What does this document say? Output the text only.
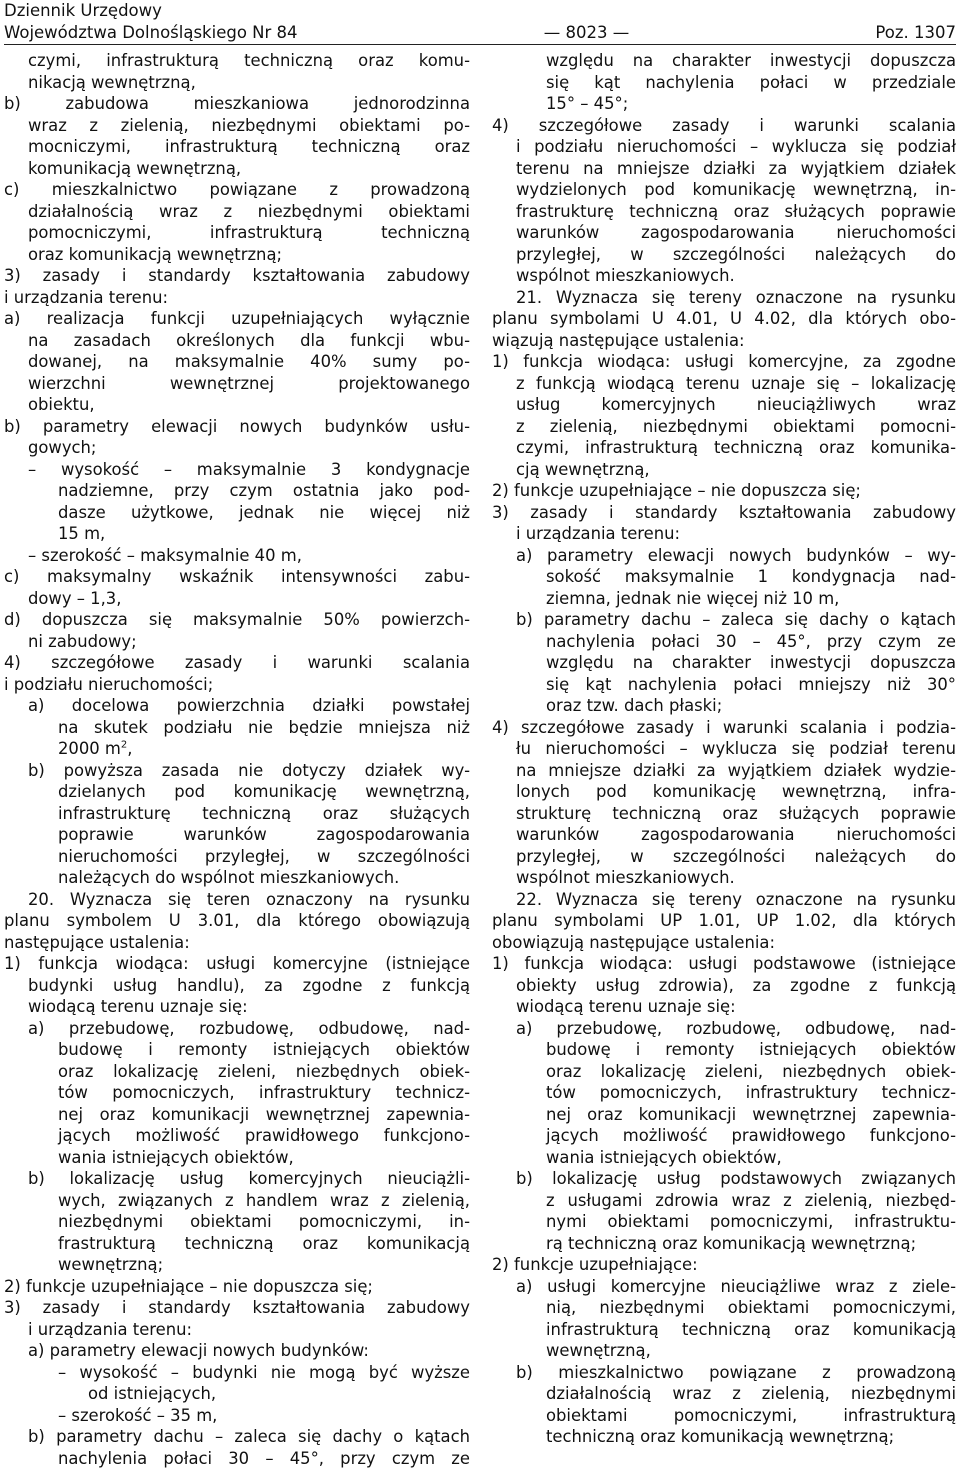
Dziennik Urzędowy
Województwa Dolnośląskiego Nr 84	— 8023 —	Poz. 1307
czymi, infrastrukturą techniczną oraz komu-
nikacją wewnętrzną,
b) zabudowa mieszkaniowa jednorodzinna
wraz z zielenią, niezbędnymi obiektami po-
mocniczymi, infrastrukturą techniczną oraz
komunikacją wewnętrzną,
c) mieszkalnictwo powiązane z prowadzoną
działalnością wraz z niezbędnymi obiektami
pomocniczymi, infrastrukturą techniczną
oraz komunikacją wewnętrzną;
3) zasady i standardy kształtowania zabudowy
i urządzania terenu:
a) realizacja funkcji uzupełniających wyłącznie
na zasadach określonych dla funkcji wbu-
dowanej, na maksymalnie 40% sumy po-
wierzchni wewnętrznej projektowanego
obiektu,
b) parametry elewacji nowych budynków usłu-
gowych;
– wysokość – maksymalnie 3 kondygnacje
nadziemne, przy czym ostatnia jako pod-
dasze użytkowe, jednak nie więcej niż
15 m,
– szerokość – maksymalnie 40 m,
c) maksymalny wskaźnik intensywności zabu-
dowy – 1,3,
d) dopuszcza się maksymalnie 50% powierzch-
ni zabudowy;
4) szczegółowe zasady i warunki scalania
i podziału nieruchomości;
a) docelowa powierzchnia działki powstałej
na skutek podziału nie będzie mniejsza niż
2000 $m^2$,
b) powyższa zasada nie dotyczy działek wy-
dzielanych pod komunikację wewnętrzną,
infrastrukturę techniczną oraz służących
poprawie warunków zagospodarowania
nieruchomości przyległej, w szczególności
należących do wspólnot mieszkaniowych.
20. Wyznacza się teren oznaczony na rysunku
planu symbolem U 3.01, dla którego obowiązują
następujące ustalenia:
1) funkcja wiodąca: usługi komercyjne (istniejące
budynki usług handlu), za zgodne z funkcją
wiodącą terenu uznaje się:
a) przebudowę, rozbudowę, odbudowę, nad-
budowę i remonty istniejących obiektów
oraz lokalizację zieleni, niezbędnych obiek-
tów pomocniczych, infrastruktury technicz-
nej oraz komunikacji wewnętrznej zapewnia-
jących możliwość prawidłowego funkcjono-
wania istniejących obiektów,
b) lokalizację usług komercyjnych nieuciążli-
wych, związanych z handlem wraz z zielenią,
niezbędnymi obiektami pomocniczymi, in-
frastrukturą techniczną oraz komunikacją
wewnętrzną;
2) funkcje uzupełniające – nie dopuszcza się;
3) zasady i standardy kształtowania zabudowy
i urządzania terenu:
a) parametry elewacji nowych budynków:
– wysokość – budynki nie mogą być wyższe
od istniejących,
– szerokość – 35 m,
b) parametry dachu – zaleca się dachy o kątach
nachylenia połaci 30 – 45°, przy czym ze
względu na charakter inwestycji dopuszcza
się kąt nachylenia połaci w przedziale
15° – 45°;
4) szczegółowe zasady i warunki scalania
i podziału nieruchomości – wyklucza się podział
terenu na mniejsze działki za wyjątkiem działek
wydzielonych pod komunikację wewnętrzną, in-
frastrukturę techniczną oraz służących poprawie
warunków zagospodarowania nieruchomości
przyległej, w szczególności należących do
wspólnot mieszkaniowych.
21. Wyznacza się tereny oznaczone na rysunku
planu symbolami U 4.01, U 4.02, dla których obo-
wiązują następujące ustalenia:
1) funkcja wiodąca: usługi komercyjne, za zgodne
z funkcją wiodącą terenu uznaje się – lokalizację
usług komercyjnych nieuciążliwych wraz
z zielenią, niezbędnymi obiektami pomocni-
czymi, infrastrukturą techniczną oraz komunika-
cją wewnętrzną,
2) funkcje uzupełniające – nie dopuszcza się;
3) zasady i standardy kształtowania zabudowy
i urządzania terenu:
a) parametry elewacji nowych budynków – wy-
sokość maksymalnie 1 kondygnacja nad-
ziemna, jednak nie więcej niż 10 m,
b) parametry dachu – zaleca się dachy o kątach
nachylenia połaci 30 – 45°, przy czym ze
względu na charakter inwestycji dopuszcza
się kąt nachylenia połaci mniejszy niż 30°
oraz tzw. dach płaski;
4) szczegółowe zasady i warunki scalania i podzia-
łu nieruchomości – wyklucza się podział terenu
na mniejsze działki za wyjątkiem działek wydzie-
lonych pod komunikację wewnętrzną, infra-
strukturę techniczną oraz służących poprawie
warunków zagospodarowania nieruchomości
przyległej, w szczególności należących do
wspólnot mieszkaniowych.
22. Wyznacza się tereny oznaczone na rysunku
planu symbolami UP 1.01, UP 1.02, dla których
obowiązują następujące ustalenia:
1) funkcja wiodąca: usługi podstawowe (istniejące
obiekty usług zdrowia), za zgodne z funkcją
wiodącą terenu uznaje się:
a) przebudowę, rozbudowę, odbudowę, nad-
budowę i remonty istniejących obiektów
oraz lokalizację zieleni, niezbędnych obiek-
tów pomocniczych, infrastruktury technicz-
nej oraz komunikacji wewnętrznej zapewnia-
jących możliwość prawidłowego funkcjono-
wania istniejących obiektów,
b) lokalizację usług podstawowych związanych
z usługami zdrowia wraz z zielenią, niezbęd-
nymi obiektami pomocniczymi, infrastruktu-
rą techniczną oraz komunikacją wewnętrzną;
2) funkcje uzupełniające:
a) usługi komercyjne nieuciążliwe wraz z ziele-
nią, niezbędnymi obiektami pomocniczymi,
infrastrukturą techniczną oraz komunikacją
wewnętrzną,
b) mieszkalnictwo powiązane z prowadzoną
działalnością wraz z zielenią, niezbędnymi
obiektami pomocniczymi, infrastrukturą
techniczną oraz komunikacją wewnętrzną;
